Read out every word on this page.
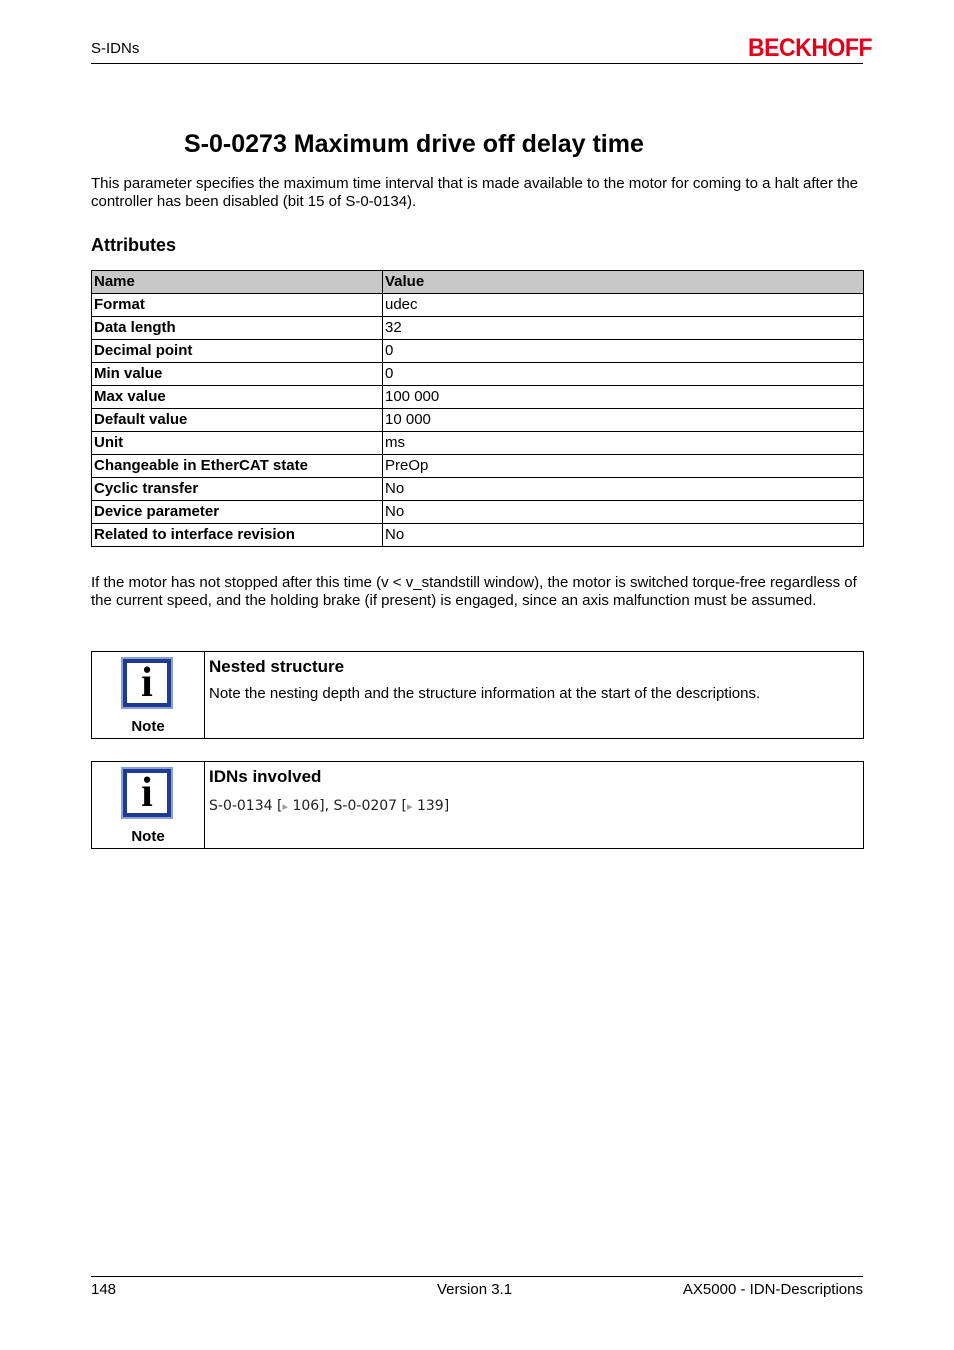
S-IDNs	BECKHOFF
S-0-0273 Maximum drive off delay time

This parameter specifies the maximum time interval that is made available to the motor for coming to a halt after the controller has been disabled (bit 15 of S-0-0134).

Attributes
Name	Value
Format	udec
Data length	32
Decimal point	0
Min value	0
Max value	100 000
Default value	10 000
Unit	ms
Changeable in EtherCAT state	PreOp
Cyclic transfer	No
Device parameter	No
Related to interface revision	No

If the motor has not stopped after this time (v < v_standstill window), the motor is switched torque-free regardless of the current speed, and the holding brake (if present) is engaged, since an axis malfunction must be assumed.

i
Note
Nested structure
Note the nesting depth and the structure information at the start of the descriptions.
i
Note
IDNs involved
S-0-0134 [▸ 106], S-0-0207 [▸ 139]
148	Version 3.1	AX5000 - IDN-Descriptions
